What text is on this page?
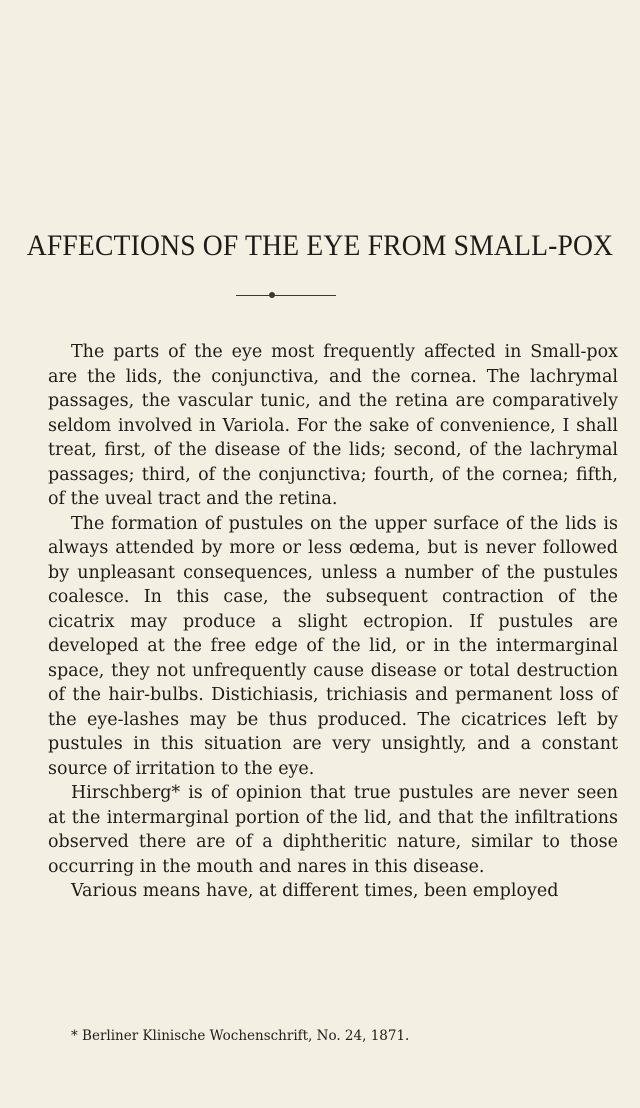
AFFECTIONS OF THE EYE FROM SMALL-POX

The parts of the eye most frequently affected in Small-pox are the lids, the conjunctiva, and the cornea. The lachrymal passages, the vascular tunic, and the retina are comparatively seldom involved in Variola. For the sake of convenience, I shall treat, first, of the disease of the lids; second, of the lachrymal passages; third, of the conjunctiva; fourth, of the cornea; fifth, of the uveal tract and the retina.

The formation of pustules on the upper surface of the lids is always attended by more or less œdema, but is never followed by unpleasant consequences, unless a number of the pustules coalesce. In this case, the subsequent contraction of the cicatrix may produce a slight ectropion. If pustules are developed at the free edge of the lid, or in the intermarginal space, they not unfrequently cause disease or total destruction of the hair-bulbs. Distichiasis, trichiasis and permanent loss of the eye-lashes may be thus produced. The cicatrices left by pustules in this situation are very unsightly, and a constant source of irritation to the eye.

Hirschberg* is of opinion that true pustules are never seen at the intermarginal portion of the lid, and that the infiltrations observed there are of a diphtheritic nature, similar to those occurring in the mouth and nares in this disease.

Various means have, at different times, been employed

* Berliner Klinische Wochenschrift, No. 24, 1871.
